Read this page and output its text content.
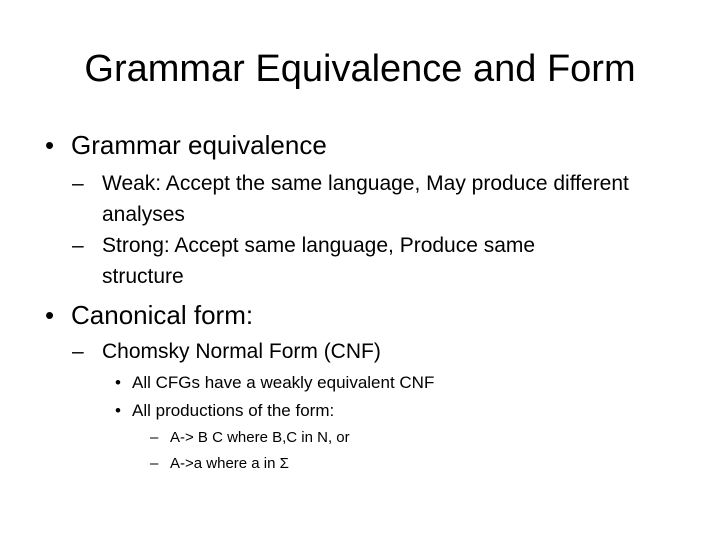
Grammar Equivalence and Form
• Grammar equivalence
– Weak: Accept the same language, May produce different analyses
– Strong: Accept same language, Produce same structure
• Canonical form:
– Chomsky Normal Form (CNF)
• All CFGs have a weakly equivalent CNF
• All productions of the form:
– A-> B C where B,C in N, or
– A->a where a in Σ
